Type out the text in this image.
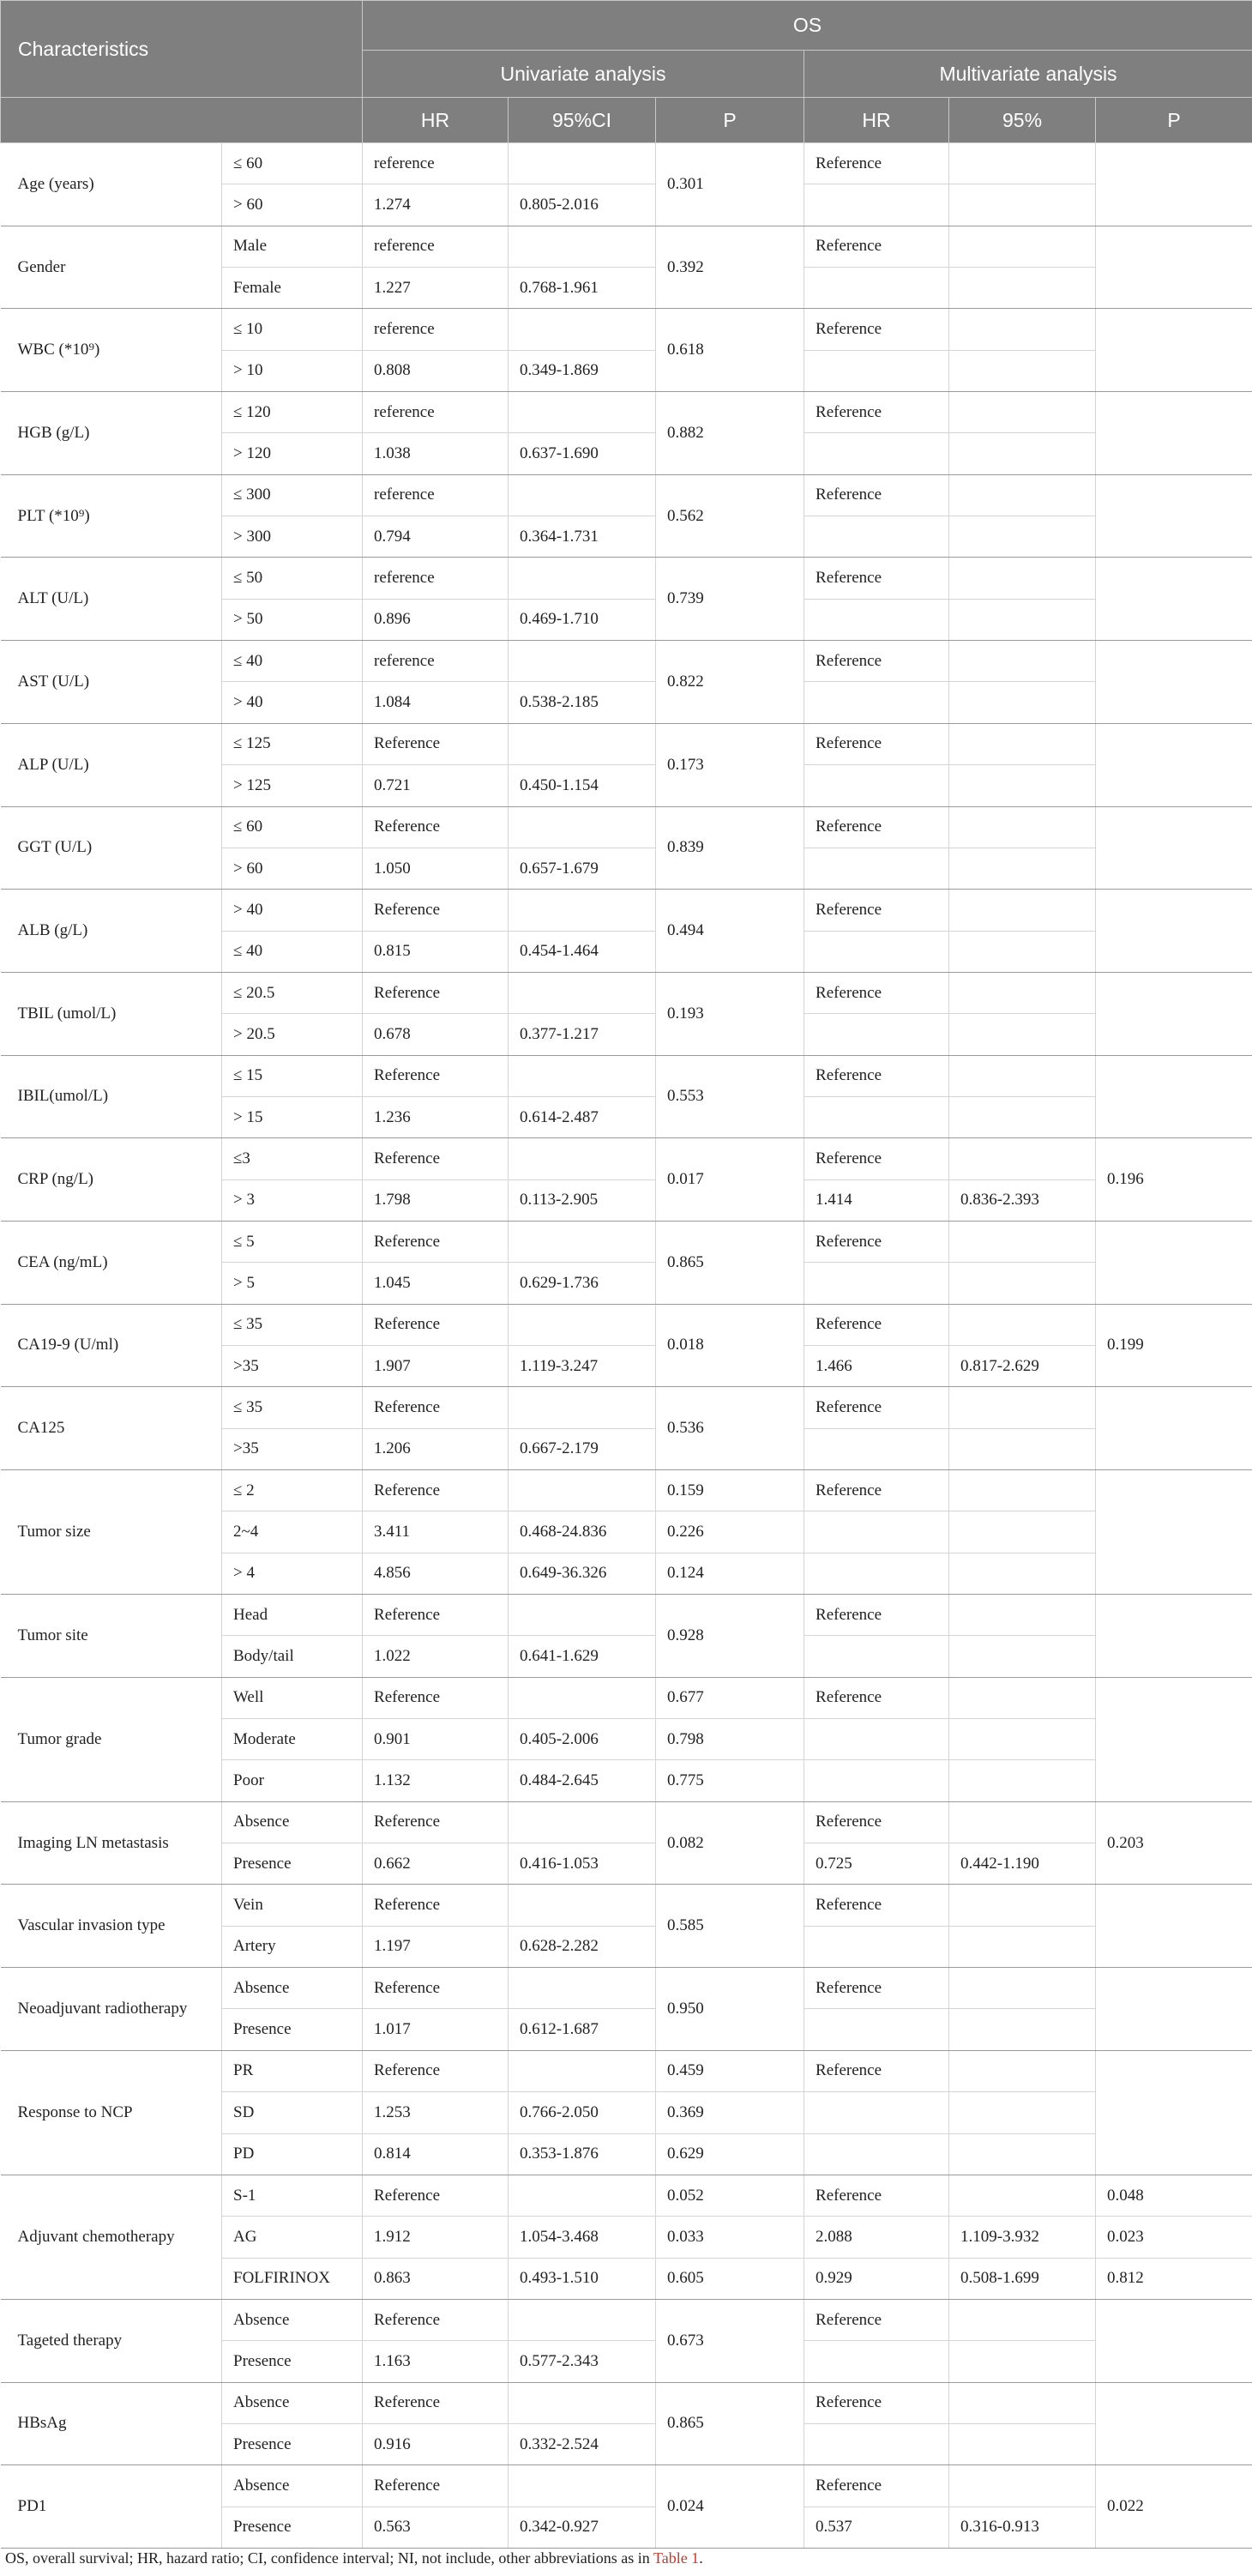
Characteristics		OS					
		Univariate analysis			Multivariate analysis		
		HR	95%CI	P	HR	95%	P
Age (years)	≤ 60	reference		0.301	Reference		
	> 60	1.274	0.805-2.016				
Gender	Male	reference		0.392	Reference		
	Female	1.227	0.768-1.961				
WBC (*10⁹)	≤ 10	reference		0.618	Reference		
	> 10	0.808	0.349-1.869				
HGB (g/L)	≤ 120	reference		0.882	Reference		
	> 120	1.038	0.637-1.690				
PLT (*10⁹)	≤ 300	reference		0.562	Reference		
	> 300	0.794	0.364-1.731				
ALT (U/L)	≤ 50	reference		0.739	Reference		
	> 50	0.896	0.469-1.710				
AST (U/L)	≤ 40	reference		0.822	Reference		
	> 40	1.084	0.538-2.185				
ALP (U/L)	≤ 125	Reference		0.173	Reference		
	> 125	0.721	0.450-1.154				
GGT (U/L)	≤ 60	Reference		0.839	Reference		
	> 60	1.050	0.657-1.679				
ALB (g/L)	> 40	Reference		0.494	Reference		
	≤ 40	0.815	0.454-1.464				
TBIL (umol/L)	≤ 20.5	Reference		0.193	Reference		
	> 20.5	0.678	0.377-1.217				
IBIL(umol/L)	≤ 15	Reference		0.553	Reference		
	> 15	1.236	0.614-2.487				
CRP (ng/L)	≤3	Reference		0.017	Reference		0.196
	> 3	1.798	0.113-2.905		1.414	0.836-2.393	
CEA (ng/mL)	≤ 5	Reference		0.865	Reference		
	> 5	1.045	0.629-1.736				
CA19-9 (U/ml)	≤ 35	Reference		0.018	Reference		0.199
	>35	1.907	1.119-3.247		1.466	0.817-2.629	
CA125	≤ 35	Reference		0.536	Reference		
	>35	1.206	0.667-2.179				
Tumor size	≤ 2	Reference		0.159	Reference		
	2~4	3.411	0.468-24.836	0.226			
	> 4	4.856	0.649-36.326	0.124			
Tumor site	Head	Reference		0.928	Reference		
	Body/tail	1.022	0.641-1.629				
Tumor grade	Well	Reference		0.677	Reference		
	Moderate	0.901	0.405-2.006	0.798			
	Poor	1.132	0.484-2.645	0.775			
Imaging LN metastasis	Absence	Reference		0.082	Reference		0.203
	Presence	0.662	0.416-1.053		0.725	0.442-1.190	
Vascular invasion type	Vein	Reference		0.585	Reference		
	Artery	1.197	0.628-2.282				
Neoadjuvant radiotherapy	Absence	Reference		0.950	Reference		
	Presence	1.017	0.612-1.687				
Response to NCP	PR	Reference		0.459	Reference		
	SD	1.253	0.766-2.050	0.369			
	PD	0.814	0.353-1.876	0.629			
Adjuvant chemotherapy	S-1	Reference		0.052	Reference		0.048
	AG	1.912	1.054-3.468	0.033	2.088	1.109-3.932	0.023
	FOLFIRINOX	0.863	0.493-1.510	0.605	0.929	0.508-1.699	0.812
Tageted therapy	Absence	Reference		0.673	Reference		
	Presence	1.163	0.577-2.343				
HBsAg	Absence	Reference		0.865	Reference		
	Presence	0.916	0.332-2.524				
PD1	Absence	Reference		0.024	Reference		0.022
	Presence	0.563	0.342-0.927		0.537	0.316-0.913	
OS, overall survival; HR, hazard ratio; CI, confidence interval; NI, not include, other abbreviations as in Table 1.
